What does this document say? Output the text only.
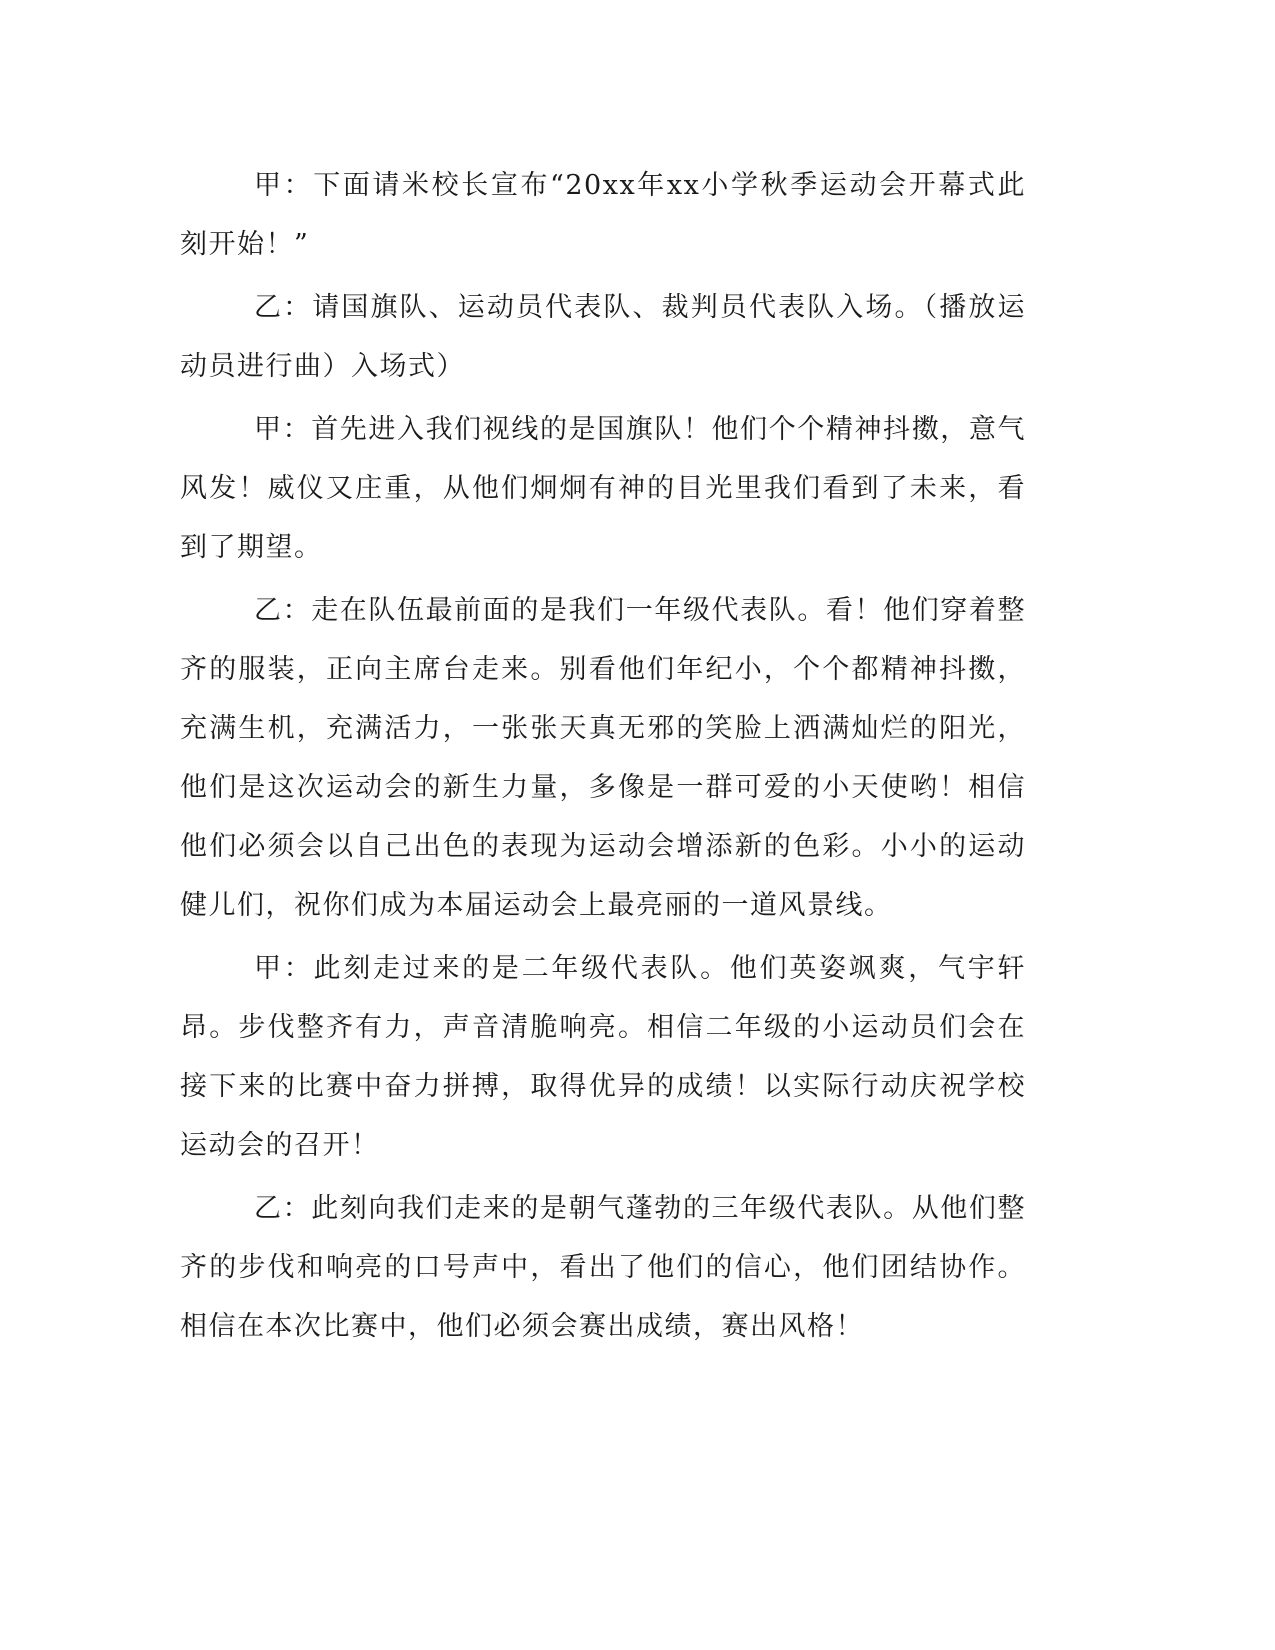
甲：下面请米校长宣布“20xx年xx小学秋季运动会开幕式此刻开始！”

乙：请国旗队、运动员代表队、裁判员代表队入场。（播放运动员进行曲）入场式）

甲：首先进入我们视线的是国旗队！他们个个精神抖擞，意气风发！威仪又庄重，从他们炯炯有神的目光里我们看到了未来，看到了期望。

乙：走在队伍最前面的是我们一年级代表队。看！他们穿着整齐的服装，正向主席台走来。别看他们年纪小，个个都精神抖擞，充满生机，充满活力，一张张天真无邪的笑脸上洒满灿烂的阳光，他们是这次运动会的新生力量，多像是一群可爱的小天使哟！相信他们必须会以自己出色的表现为运动会增添新的色彩。小小的运动健儿们，祝你们成为本届运动会上最亮丽的一道风景线。

甲：此刻走过来的是二年级代表队。他们英姿飒爽，气宇轩昂。步伐整齐有力，声音清脆响亮。相信二年级的小运动员们会在接下来的比赛中奋力拼搏，取得优异的成绩！以实际行动庆祝学校运动会的召开！

乙：此刻向我们走来的是朝气蓬勃的三年级代表队。从他们整齐的步伐和响亮的口号声中，看出了他们的信心，他们团结协作。相信在本次比赛中，他们必须会赛出成绩，赛出风格！
